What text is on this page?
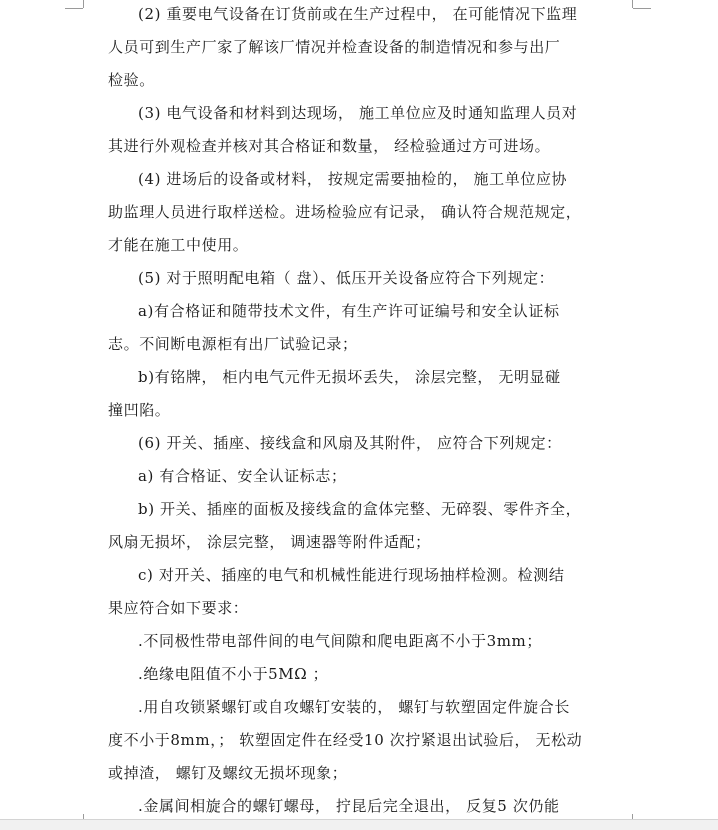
(2) 重要电气设备在订货前或在生产过程中， 在可能情况下监理
人员可到生产厂家了解该厂情况并检查设备的制造情况和参与出厂
检验。
(3) 电气设备和材料到达现场， 施工单位应及时通知监理人员对
其进行外观检查并核对其合格证和数量， 经检验通过方可进场。
(4) 进场后的设备或材料， 按规定需要抽检的， 施工单位应协
助监理人员进行取样送检。进场检验应有记录， 确认符合规范规定，
才能在施工中使用。
(5) 对于照明配电箱（ 盘）、低压开关设备应符合下列规定：
a)有合格证和随带技术文件，有生产许可证编号和安全认证标
志。不间断电源柜有出厂试验记录；
b)有铭牌， 柜内电气元件无损坏丢失， 涂层完整， 无明显碰
撞凹陷。
(6) 开关、插座、接线盒和风扇及其附件， 应符合下列规定：
a) 有合格证、安全认证标志；
b) 开关、插座的面板及接线盒的盒体完整、无碎裂、零件齐全，
风扇无损坏， 涂层完整， 调速器等附件适配；
c) 对开关、插座的电气和机械性能进行现场抽样检测。检测结
果应符合如下要求：
.不同极性带电部件间的电气间隙和爬电距离不小于3mm；
.绝缘电阻值不小于5MΩ ；
.用自攻锁紧螺钉或自攻螺钉安装的， 螺钉与软塑固定件旋合长
度不小于8mm，； 软塑固定件在经受10 次拧紧退出试验后， 无松动
或掉渣， 螺钉及螺纹无损坏现象；
.金属间相旋合的螺钉螺母， 拧昆后完全退出， 反复5 次仍能
